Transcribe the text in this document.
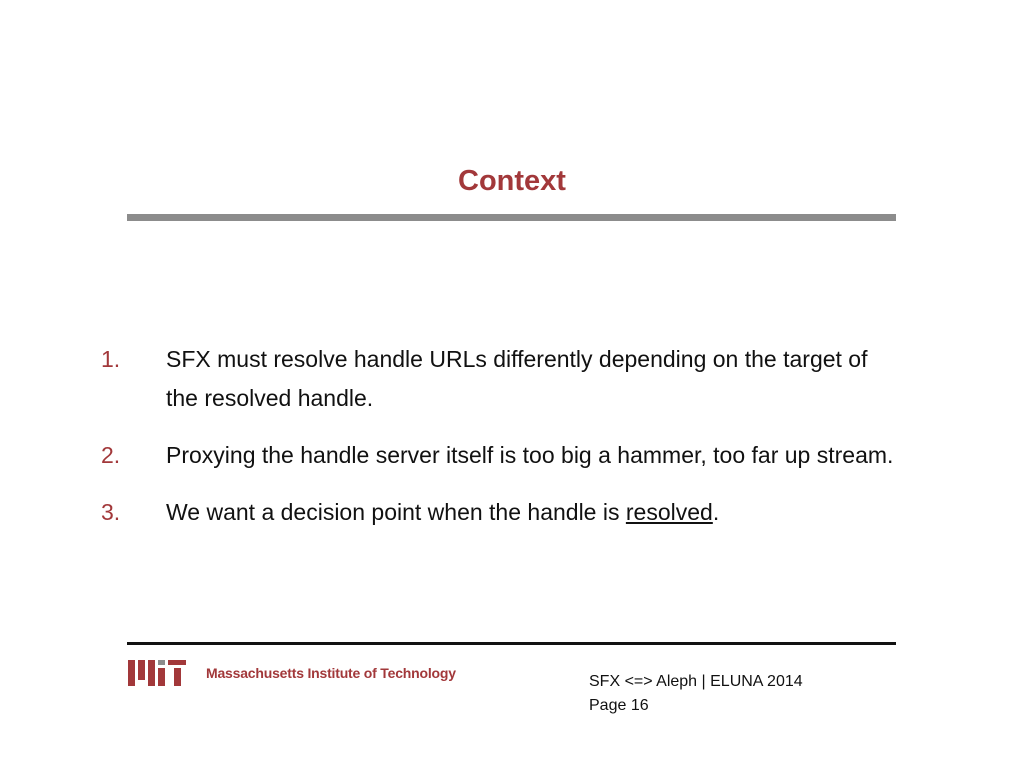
Context
1. SFX must resolve handle URLs differently depending on the target of the resolved handle.
2. Proxying the handle server itself is too big a hammer, too far up stream.
3. We want a decision point when the handle is resolved.
Massachusetts Institute of Technology	SFX <=> Aleph | ELUNA 2014
Page 16
